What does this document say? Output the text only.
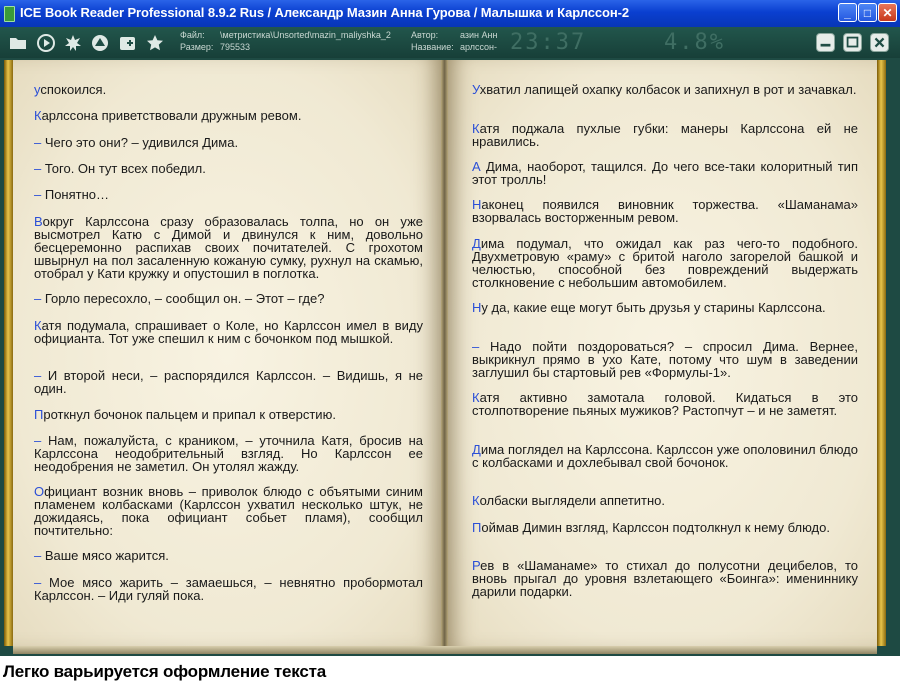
ICE Book Reader Professional 8.9.2 Rus / Александр Мазин Анна Гурова / Малышка и Карлссон-2	_	□ ✕
Файл: \метристика\Unsorted\mazin_maliyshka_2
Размер: 795533
Автор: азин Анн
Название: арлссон- 23:37	4.8%

успокоился.

Карлссона приветствовали дружным ревом.

– Чего это они? – удивился Дима.

– Того. Он тут всех победил.

– Понятно…

Вокруг Карлссона сразу образовалась толпа, но он уже высмотрел Катю с Димой и двинулся к ним, довольно бесцеремонно распихав своих почитателей. С грохотом швырнул на пол засаленную кожаную сумку, рухнул на скамью, отобрал у Кати кружку и опустошил в поглотка.

– Горло пересохло, – сообщил он. – Этот – где?

Катя подумала, спрашивает о Коле, но Карлссон имел в виду официанта. Тот уже спешил к ним с бочонком под мышкой.

– И второй неси, – распорядился Карлссон. – Видишь, я не один.

Проткнул бочонок пальцем и припал к отверстию.

– Нам, пожалуйста, с краником, – уточнила Катя, бросив на Карлссона неодобрительный взгляд. Но Карлссон ее неодобрения не заметил. Он утолял жажду.

Официант возник вновь – приволок блюдо с объятыми синим пламенем колбасками (Карлссон ухватил несколько штук, не дожидаясь, пока официант собьет пламя), сообщил почтительно:

– Ваше мясо жарится.

– Мое мясо жарить – замаешься, – невнятно пробормотал Карлссон. – Иди гуляй пока.

Ухватил лапищей охапку колбасок и запихнул в рот и зачавкал.

Катя поджала пухлые губки: манеры Карлссона ей не нравились.

А Дима, наоборот, тащился. До чего все-таки колоритный тип этот тролль!

Наконец появился виновник торжества. «Шаманама» взорвалась восторженным ревом.

Дима подумал, что ожидал как раз чего-то подобного. Двухметровую «раму» с бритой наголо загорелой башкой и челюстью, способной без повреждений выдержать столкновение с небольшим автомобилем.

Ну да, какие еще могут быть друзья у старины Карлссона.

– Надо пойти поздороваться? – спросил Дима. Вернее, выкрикнул прямо в ухо Кате, потому что шум в заведении заглушил бы стартовый рев «Формулы-1».

Катя активно замотала головой. Кидаться в это столпотворение пьяных мужиков? Растопчут – и не заметят.

Дима поглядел на Карлссона. Карлссон уже ополовинил блюдо с колбасками и дохлебывал свой бочонок.

Колбаски выглядели аппетитно.

Поймав Димин взгляд, Карлссон подтолкнул к нему блюдо.

Рев в «Шаманаме» то стихал до полусотни децибелов, то вновь прыгал до уровня взлетающего «Боинга»: имениннику дарили подарки.

Легко варьируется оформление текста
